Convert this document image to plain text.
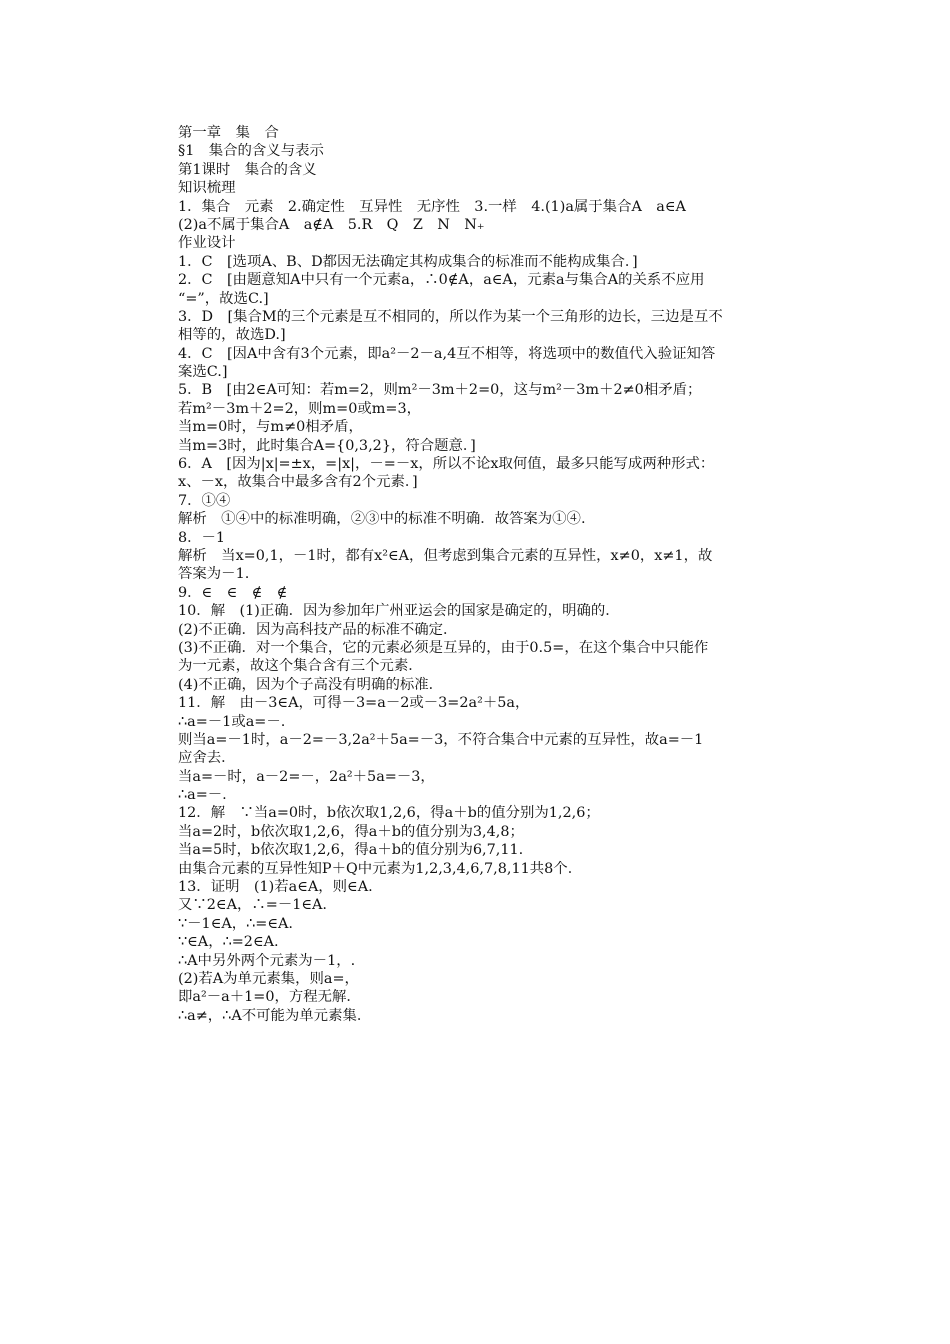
第一章　集　合
§1　集合的含义与表示
第1课时　集合的含义
知识梳理
1．集合　元素　2.确定性　互异性　无序性　3.一样　4.(1)a属于集合A　a∈A
(2)a不属于集合A　a∉A　5.R　Q　Z　N　N₊
作业设计
1．C　[选项A、B、D都因无法确定其构成集合的标准而不能构成集合．]
2．C　[由题意知A中只有一个元素a，∴0∉A，a∈A，元素a与集合A的关系不应用
“=”，故选C.]
3．D　[集合M的三个元素是互不相同的，所以作为某一个三角形的边长，三边是互不
相等的，故选D.]
4．C　[因A中含有3个元素，即a²－2－a,4互不相等，将选项中的数值代入验证知答
案选C.]
5．B　[由2∈A可知：若m=2，则m²－3m＋2=0，这与m²－3m＋2≠0相矛盾；
若m²－3m＋2=2，则m=0或m=3，
当m=0时，与m≠0相矛盾，
当m=3时，此时集合A={0,3,2}，符合题意．]
6．A　[因为|x|=±x，=|x|，－=－x，所以不论x取何值，最多只能写成两种形式：
x、－x，故集合中最多含有2个元素．]
7．①④
解析　①④中的标准明确，②③中的标准不明确．故答案为①④.
8．－1
解析　当x=0,1，－1时，都有x²∈A，但考虑到集合元素的互异性，x≠0，x≠1，故
答案为－1.
9．∈　∈　∉　∉
10．解　(1)正确．因为参加年广州亚运会的国家是确定的，明确的．
(2)不正确．因为高科技产品的标准不确定．
(3)不正确．对一个集合，它的元素必须是互异的，由于0.5=，在这个集合中只能作
为一元素，故这个集合含有三个元素．
(4)不正确，因为个子高没有明确的标准．
11．解　由－3∈A，可得－3=a－2或－3=2a²＋5a，
∴a=－1或a=－.
则当a=－1时，a－2=－3,2a²＋5a=－3，不符合集合中元素的互异性，故a=－1
应舍去．
当a=－时，a－2=－，2a²＋5a=－3，
∴a=－.
12．解　∵当a=0时，b依次取1,2,6，得a＋b的值分别为1,2,6；
当a=2时，b依次取1,2,6，得a＋b的值分别为3,4,8；
当a=5时，b依次取1,2,6，得a＋b的值分别为6,7,11.
由集合元素的互异性知P＋Q中元素为1,2,3,4,6,7,8,11共8个．
13．证明　(1)若a∈A，则∈A.
又∵2∈A，∴=－1∈A.
∵－1∈A，∴=∈A.
∵∈A，∴=2∈A.
∴A中另外两个元素为－1，.
(2)若A为单元素集，则a=，
即a²－a＋1=0，方程无解．
∴a≠，∴A不可能为单元素集．
